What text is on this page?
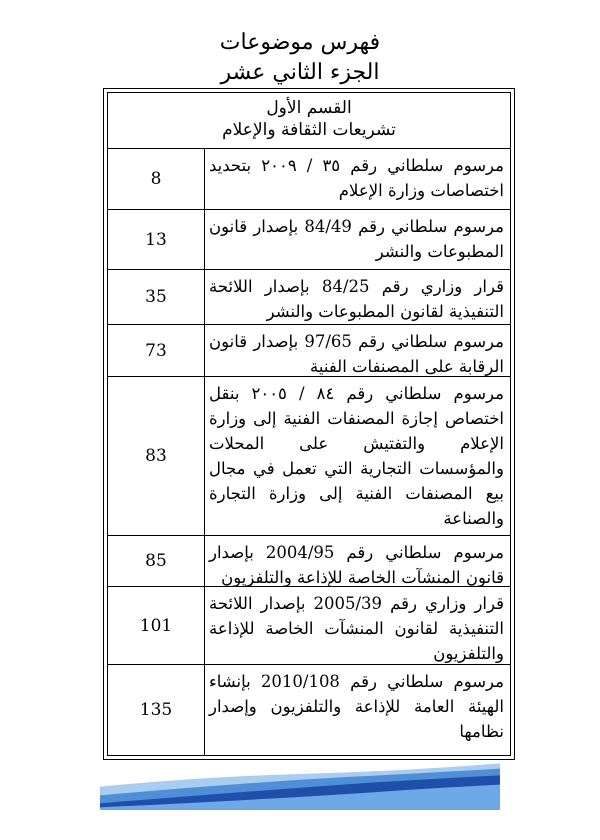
فهرس موضوعات
الجزء الثاني عشر
القسم الأول
تشريعات الثقافة والإعلام
مرسوم سلطاني رقم ٣٥ / ٢٠٠٩ بتحديد اختصاصات وزارة الإعلام
8
مرسوم سلطاني رقم 84/49 بإصدار قانون المطبوعات والنشر
13
قرار وزاري رقم 84/25 بإصدار اللائحة التنفيذية لقانون المطبوعات والنشر
35
مرسوم سلطاني رقم 97/65 بإصدار قانون الرقابة على المصنفات الفنية
73
مرسوم سلطاني رقم ٨٤ / ٢٠٠٥ بنقل اختصاص إجازة المصنفات الفنية إلى وزارة الإعلام والتفتيش على المحلات والمؤسسات التجارية التي تعمل في مجال بيع المصنفات الفنية إلى وزارة التجارة والصناعة
83
مرسوم سلطاني رقم 2004/95 بإصدار قانون المنشآت الخاصة للإذاعة والتلفزيون
85
قرار وزاري رقم 2005/39 بإصدار اللائحة التنفيذية لقانون المنشآت الخاصة للإذاعة والتلفزيون
101
مرسوم سلطاني رقم 2010/108 بإنشاء الهيئة العامة للإذاعة والتلفزيون وإصدار نظامها
135
